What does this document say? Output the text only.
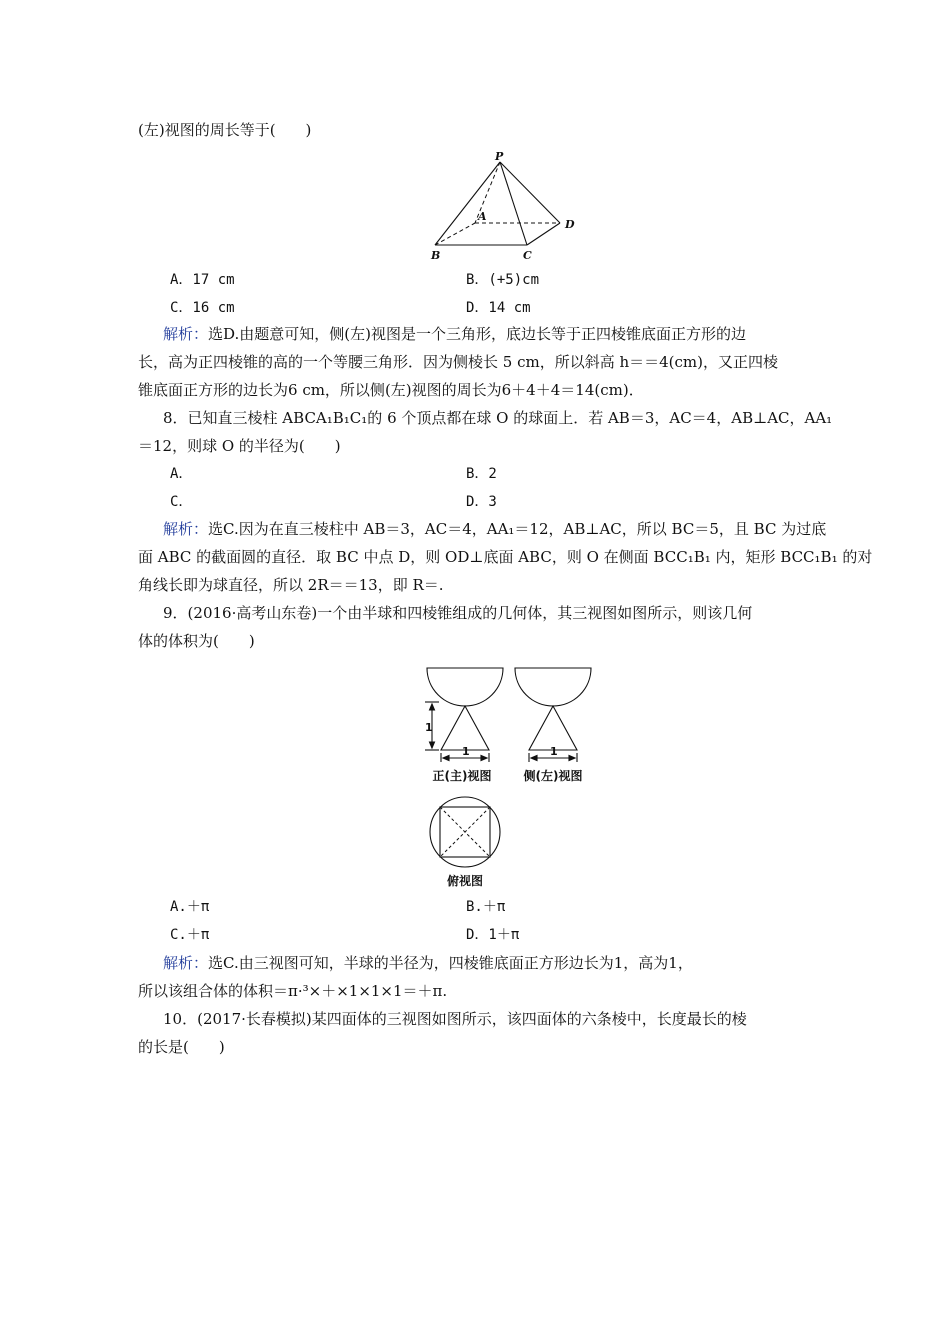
(左)视图的周长等于(　　)
P
A
B	C
D
A．17 cm	B．(+5)cm
C．16 cm	D．14 cm
解析：选D.由题意可知，侧(左)视图是一个三角形，底边长等于正四棱锥底面正方形的边
长，高为正四棱锥的高的一个等腰三角形．因为侧棱长 5 cm，所以斜高 h＝＝4(cm)，又正四棱
锥底面正方形的边长为6 cm，所以侧(左)视图的周长为6＋4＋4＝14(cm)．
8．已知直三棱柱 ABCA₁B₁C₁的 6 个顶点都在球 O 的球面上．若 AB＝3，AC＝4，AB⊥AC，AA₁
＝12，则球 O 的半径为(　　)
A．	B．2
C．	D．3
解析：选C.因为在直三棱柱中 AB＝3，AC＝4，AA₁＝12，AB⊥AC，所以 BC＝5，且 BC 为过底
面 ABC 的截面圆的直径．取 BC 中点 D，则 OD⊥底面 ABC，则 O 在侧面 BCC₁B₁ 内，矩形 BCC₁B₁ 的对
角线长即为球直径，所以 2R＝＝13，即 R＝.
9．(2016·高考山东卷)一个由半球和四棱锥组成的几何体，其三视图如图所示，则该几何
体的体积为(　　)
1
1	1
正(主)视图	侧(左)视图
俯视图
A.＋π	B.＋π
C.＋π	D．1＋π
解析：选C.由三视图可知，半球的半径为，四棱锥底面正方形边长为1，高为1，
所以该组合体的体积＝π·³×＋×1×1×1＝＋π.
10．(2017·长春模拟)某四面体的三视图如图所示，该四面体的六条棱中，长度最长的棱
的长是(　　)
